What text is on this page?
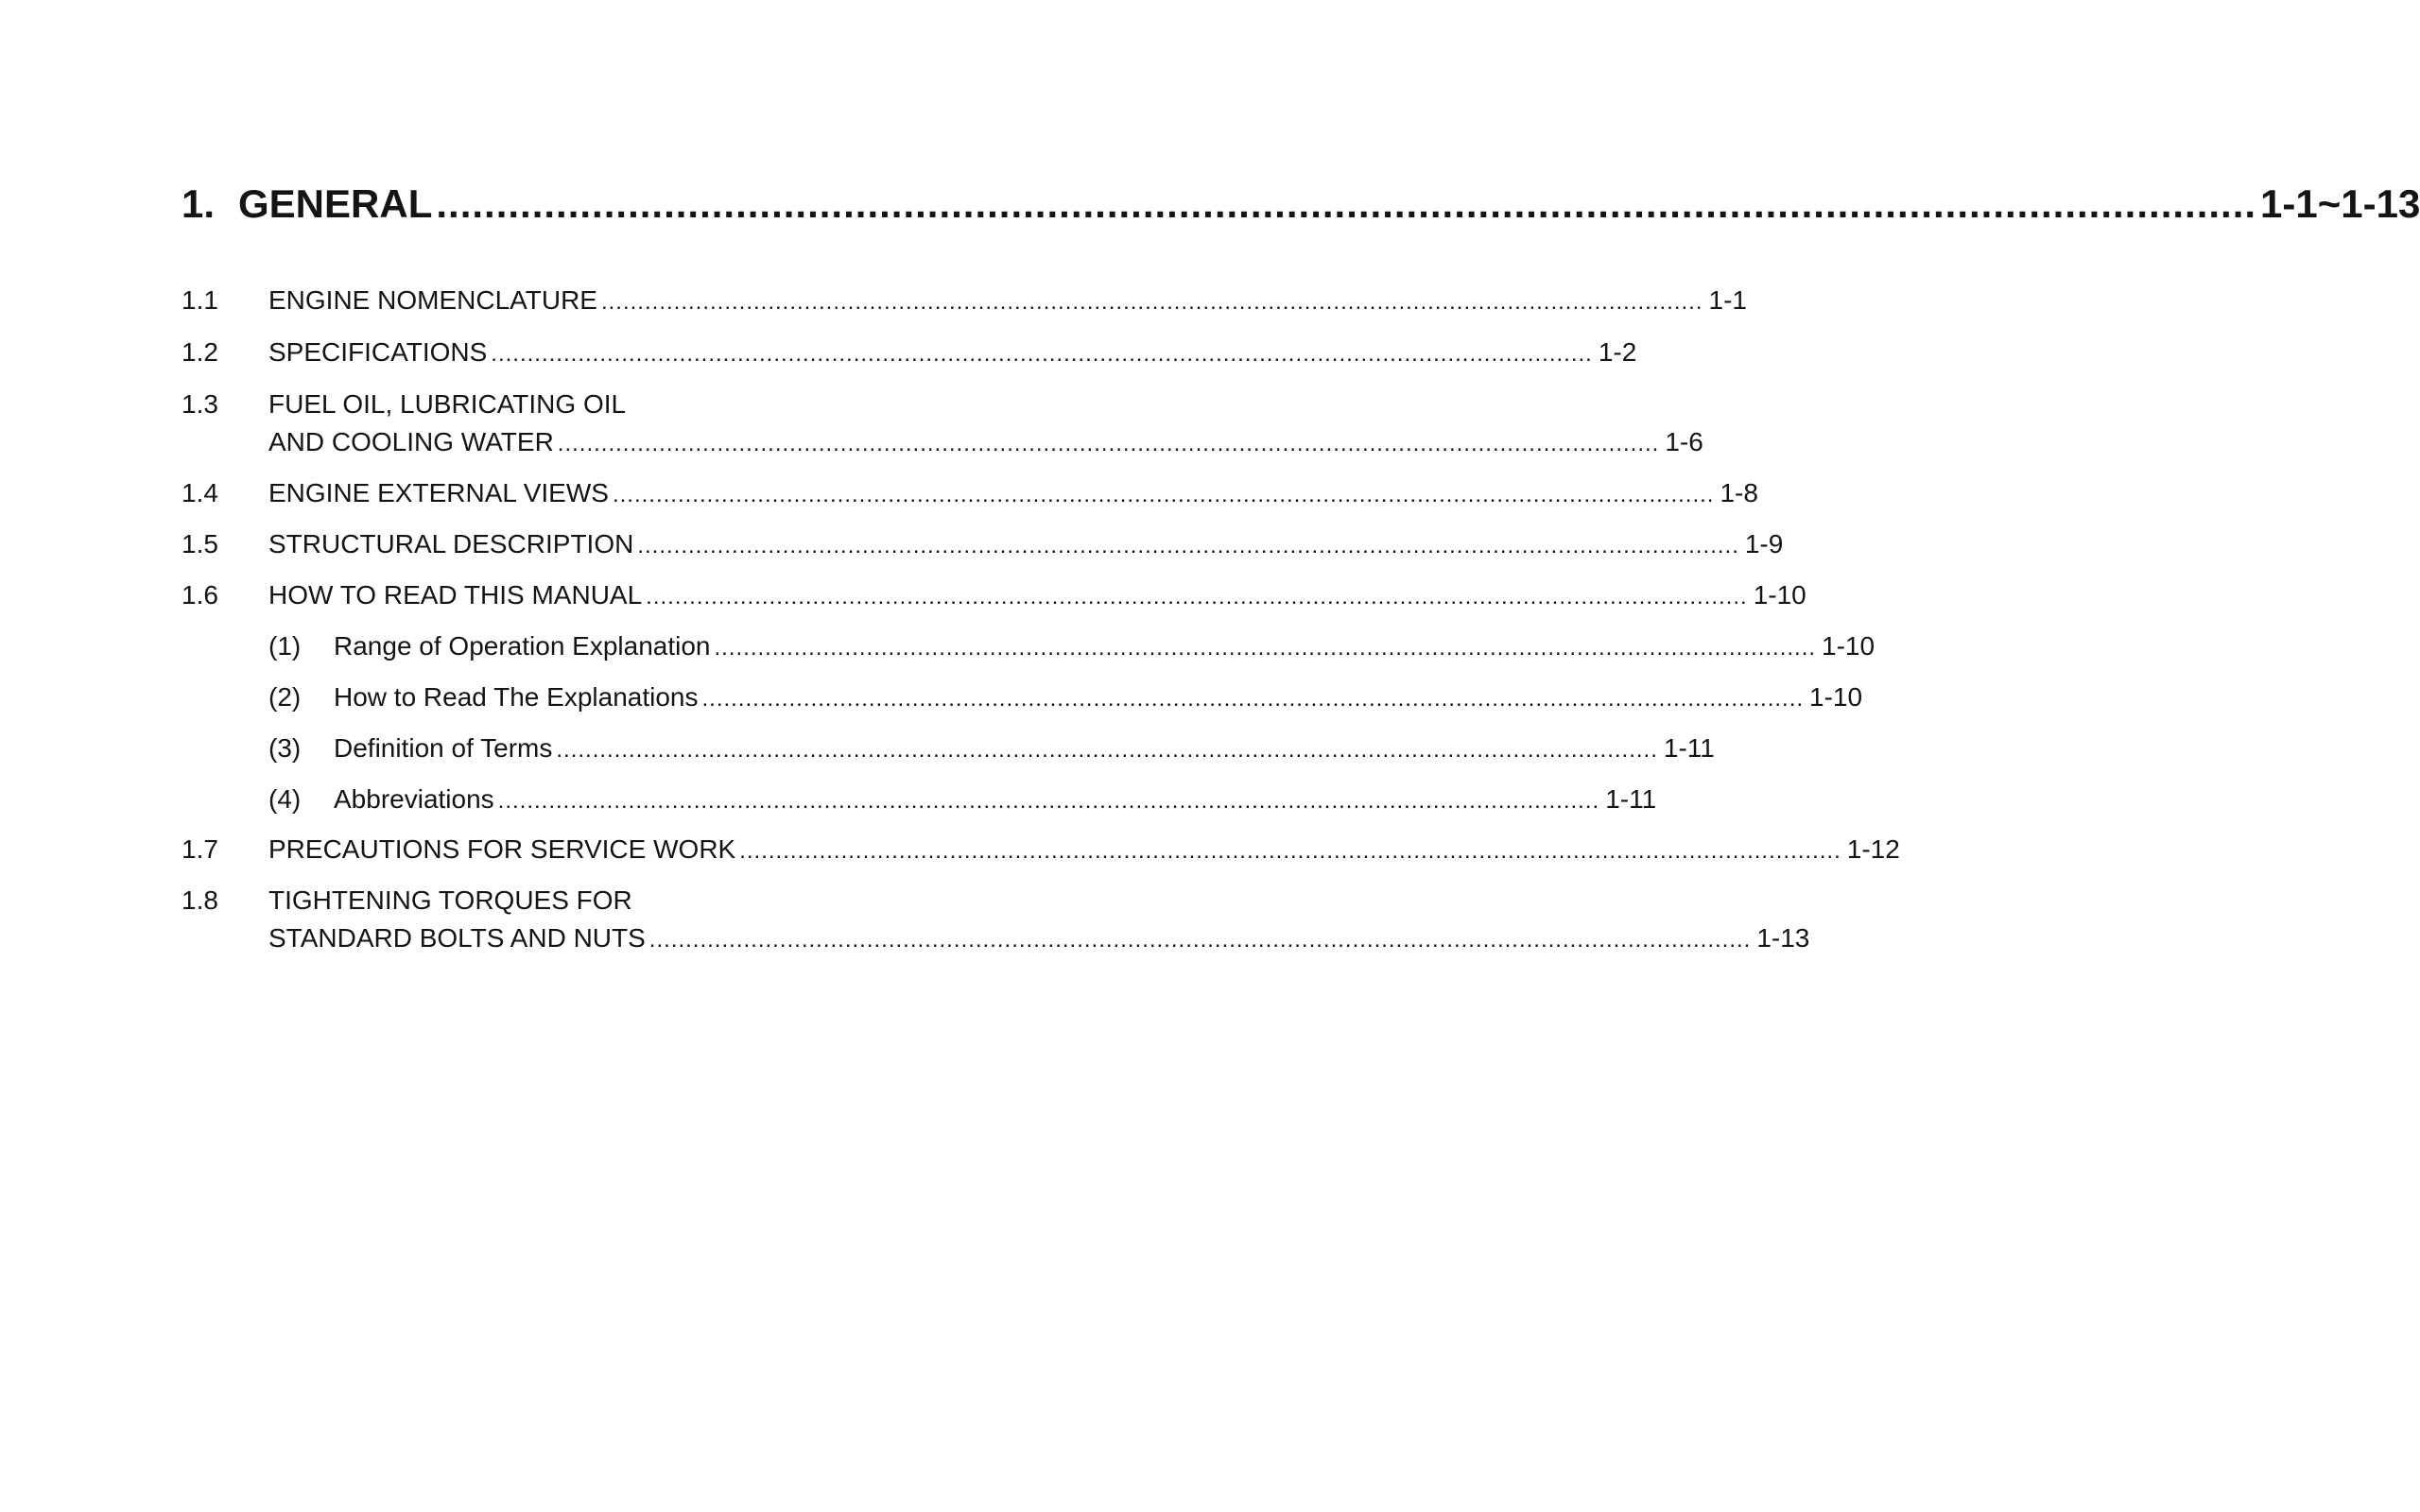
1. GENERAL ........................................................................................................................................................ 1-1~1-13
1.1 ENGINE NOMENCLATURE ........................................................................................................................................................ 1-1
1.2 SPECIFICATIONS ........................................................................................................................................................ 1-2
1.3 FUEL OIL, LUBRICATING OIL
AND COOLING WATER ........................................................................................................................................................ 1-6
1.4 ENGINE EXTERNAL VIEWS ........................................................................................................................................................ 1-8
1.5 STRUCTURAL DESCRIPTION ........................................................................................................................................................ 1-9
1.6 HOW TO READ THIS MANUAL ........................................................................................................................................................ 1-10
(1)	Range of Operation Explanation ........................................................................................................................................................ 1-10
(2)	How to Read The Explanations ........................................................................................................................................................ 1-10
(3)	Definition of Terms ........................................................................................................................................................ 1-11
(4)	Abbreviations ........................................................................................................................................................ 1-11
1.7 PRECAUTIONS FOR SERVICE WORK ........................................................................................................................................................ 1-12
1.8 TIGHTENING TORQUES FOR
STANDARD BOLTS AND NUTS ........................................................................................................................................................ 1-13
